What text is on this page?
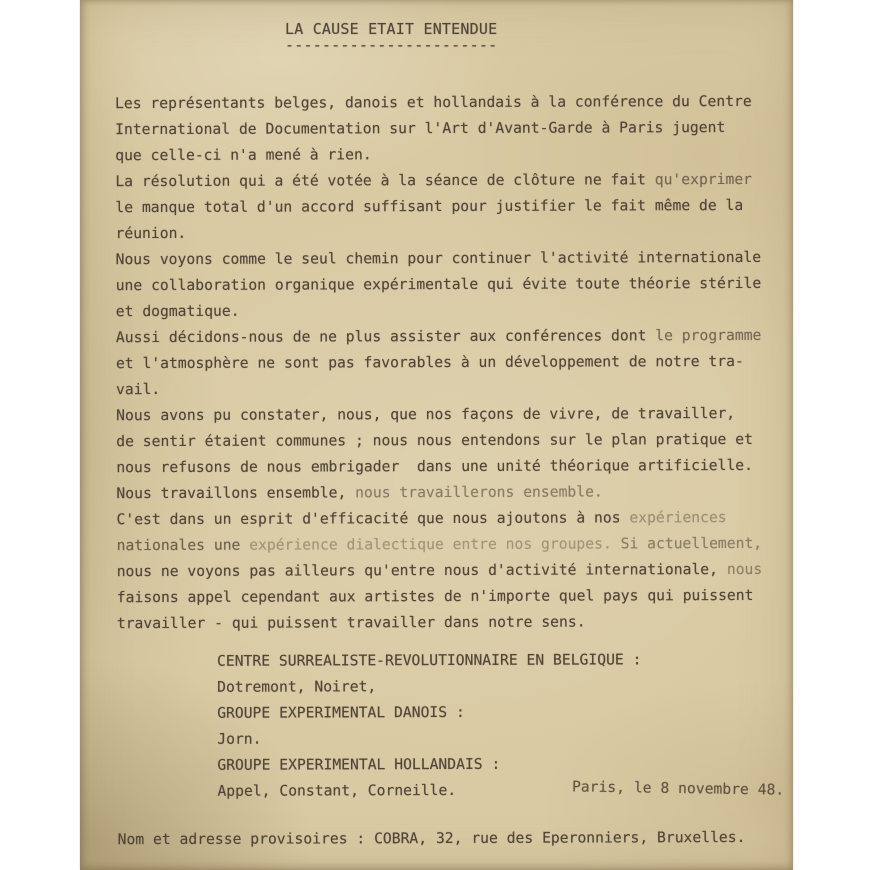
LA CAUSE ETAIT ENTENDUE
-----------------------
Les représentants belges, danois et hollandais à la conférence du Centre
International de Documentation sur l'Art d'Avant-Garde à Paris jugent
que celle-ci n'a mené à rien.
La résolution qui a été votée à la séance de clôture ne fait qu'exprimer
le manque total d'un accord suffisant pour justifier le fait même de la
réunion.
Nous voyons comme le seul chemin pour continuer l'activité internationale
une collaboration organique expérimentale qui évite toute théorie stérile
et dogmatique.
Aussi décidons-nous de ne plus assister aux conférences dont le programme
et l'atmosphère ne sont pas favorables à un développement de notre tra-
vail.
Nous avons pu constater, nous, que nos façons de vivre, de travailler,
de sentir étaient communes ; nous nous entendons sur le plan pratique et
nous refusons de nous embrigader  dans une unité théorique artificielle.
Nous travaillons ensemble, nous travaillerons ensemble.
C'est dans un esprit d'efficacité que nous ajoutons à nos expériences
nationales une expérience dialectique entre nos groupes. Si actuellement,
nous ne voyons pas ailleurs qu'entre nous d'activité internationale, nous
faisons appel cependant aux artistes de n'importe quel pays qui puissent
travailler - qui puissent travailler dans notre sens.
CENTRE SURREALISTE-REVOLUTIONNAIRE EN BELGIQUE :
Dotremont, Noiret,
GROUPE EXPERIMENTAL DANOIS :
Jorn.
GROUPE EXPERIMENTAL HOLLANDAIS :
Appel, Constant, Corneille.
Nom et adresse provisoires : COBRA, 32, rue des Eperonniers, Bruxelles.
Paris, le 8 novembre 48.
